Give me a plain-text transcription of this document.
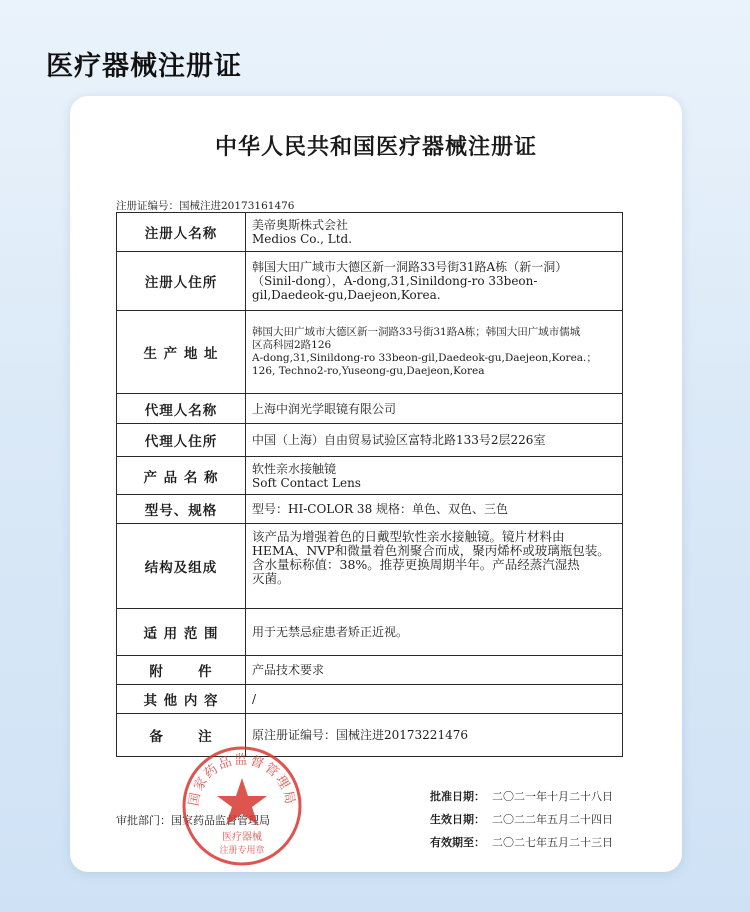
医疗器械注册证
中华人民共和国医疗器械注册证
注册证编号：国械注进20173161476
注册人名称	美帝奥斯株式会社
Medios Co., Ltd.

注册人住所	韩国大田广域市大德区新一洞路33号街31路A栋（新一洞）
（Sinil-dong），A-dong,31,Sinildong-ro 33beon-
gil,Daedeok-gu,Daejeon,Korea.

生 产 地 址	韩国大田广域市大德区新一洞路33号街31路A栋；韩国大田广域市儒城
区高科园2路126
A-dong,31,Sinildong-ro 33beon-gil,Daedeok-gu,Daejeon,Korea.；
126, Techno2-ro,Yuseong-gu,Daejeon,Korea

代理人名称	上海中润光学眼镜有限公司

代理人住所	中国（上海）自由贸易试验区富特北路133号2层226室

产 品 名 称	软性亲水接触镜
Soft Contact Lens

型号、规格	型号：HI-COLOR 38 规格：单色、双色、三色

结构及组成	该产品为增强着色的日戴型软性亲水接触镜。镜片材料由
HEMA、NVP和微量着色剂聚合而成，聚丙烯杯或玻璃瓶包装。
含水量标称值：38%。推荐更换周期半年。产品经蒸汽湿热
灭菌。

适 用 范 围	用于无禁忌症患者矫正近视。

附      件	产品技术要求

其 他 内 容	/

备      注	原注册证编号：国械注进20173221476
审批部门：国家药品监督管理局
批准日期： 二〇二一年十月二十八日
生效日期： 二〇二二年五月二十四日
有效期至： 二〇二七年五月二十三日
国家药品监督管理局
医疗器械
注册专用章
